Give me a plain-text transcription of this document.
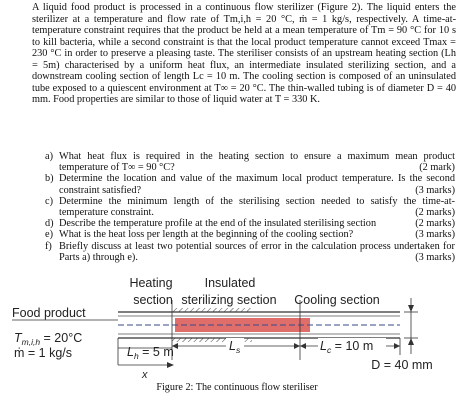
A liquid food product is processed in a continuous flow sterilizer (Figure 2). The liquid enters the sterilizer at a temperature and flow rate of Tm,i,h = 20 °C, ṁ = 1 kg/s, respectively. A time-at-temperature constraint requires that the product be held at a mean temperature of Tm = 90 °C for 10 s to kill bacteria, while a second constraint is that the local product temperature cannot exceed Tmax = 230 °C in order to preserve a pleasing taste. The steriliser consists of an upstream heating section (Lh = 5m) characterised by a uniform heat flux, an intermediate insulated sterilizing section, and a downstream cooling section of length Lc = 10 m. The cooling section is composed of an uninsulated tube exposed to a quiescent environment at T∞ = 20 °C. The thin-walled tubing is of diameter D = 40 mm. Food properties are similar to those of liquid water at T = 330 K.
a) What heat flux is required in the heating section to ensure a maximum mean product temperature of T∞ = 90 °C?	(2 mark)
b) Determine the location and value of the maximum local product temperature. Is the second constraint satisfied?	(3 marks)
c) Determine the minimum length of the sterilising section needed to satisfy the time-at-temperature constraint.	(2 marks)
d) Describe the temperature profile at the end of the insulated sterilising section	(2 marks)
e) What is the heat loss per length at the beginning of the cooling section?	(3 marks)
f) Briefly discuss at least two potential sources of error in the calculation process undertaken for Parts a) through e).	(3 marks)
Heating	Insulated
section sterilizing section Cooling section
Food product
$T_{m,i,h} = 20^\circ C$
ṁ = 1 kg/s	$L_h = 5$ m	$L_s$	$L_c = 10$ m
D = 40 mm
x
Figure 2: The continuous flow steriliser
